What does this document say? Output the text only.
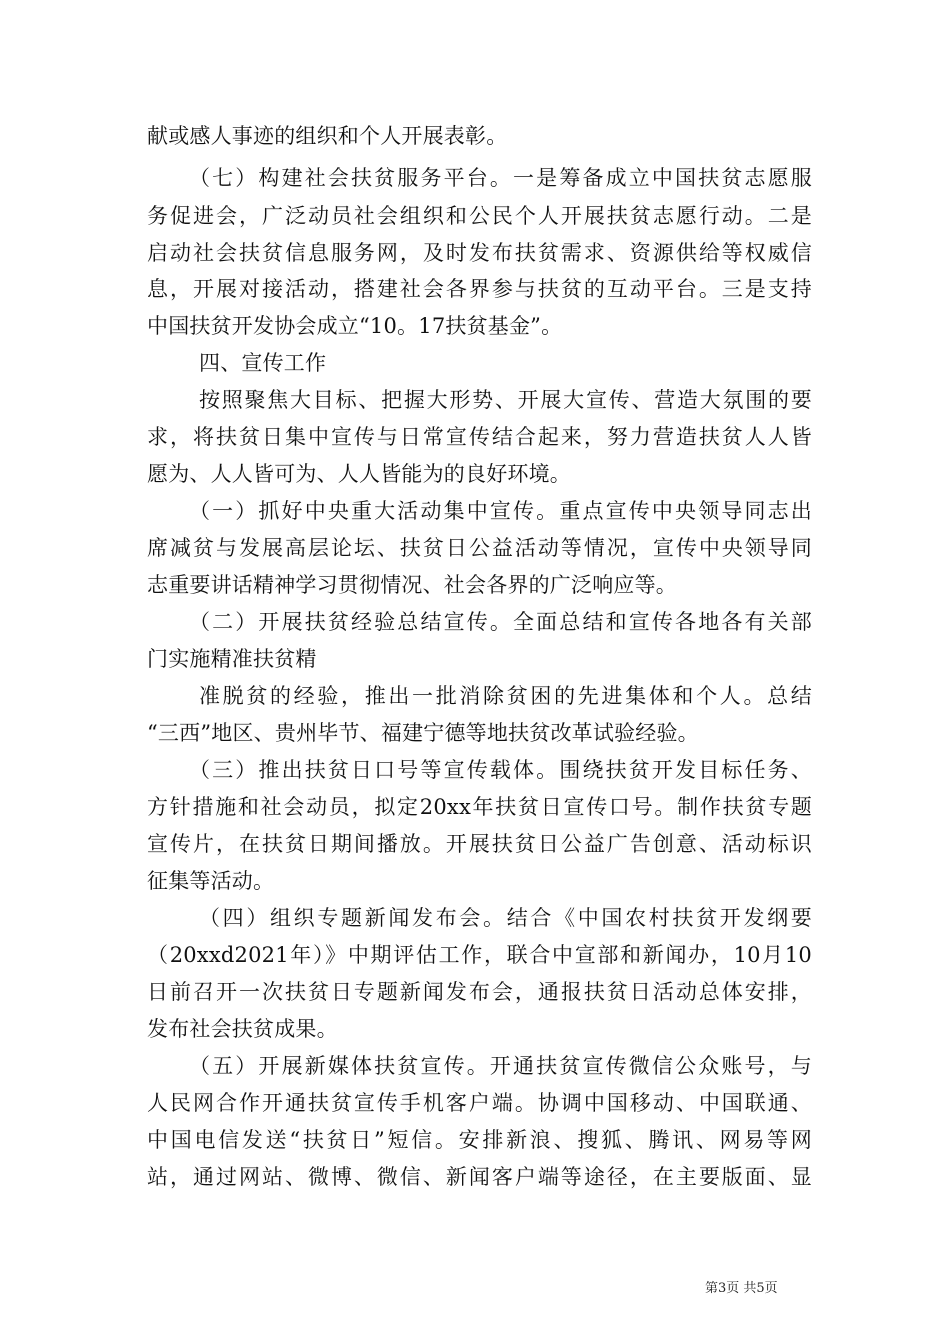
献或感人事迹的组织和个人开展表彰。
（七）构建社会扶贫服务平台。一是筹备成立中国扶贫志愿服
务促进会，广泛动员社会组织和公民个人开展扶贫志愿行动。二是
启动社会扶贫信息服务网，及时发布扶贫需求、资源供给等权威信
息，开展对接活动，搭建社会各界参与扶贫的互动平台。三是支持
中国扶贫开发协会成立“10。17扶贫基金”。
四、宣传工作
按照聚焦大目标、把握大形势、开展大宣传、营造大氛围的要
求，将扶贫日集中宣传与日常宣传结合起来，努力营造扶贫人人皆
愿为、人人皆可为、人人皆能为的良好环境。
（一）抓好中央重大活动集中宣传。重点宣传中央领导同志出
席减贫与发展高层论坛、扶贫日公益活动等情况，宣传中央领导同
志重要讲话精神学习贯彻情况、社会各界的广泛响应等。
（二）开展扶贫经验总结宣传。全面总结和宣传各地各有关部
门实施精准扶贫精
准脱贫的经验，推出一批消除贫困的先进集体和个人。总结
“三西”地区、贵州毕节、福建宁德等地扶贫改革试验经验。
（三）推出扶贫日口号等宣传载体。围绕扶贫开发目标任务、
方针措施和社会动员，拟定20xx年扶贫日宣传口号。制作扶贫专题
宣传片，在扶贫日期间播放。开展扶贫日公益广告创意、活动标识
征集等活动。
（四）组织专题新闻发布会。结合《中国农村扶贫开发纲要
（20xxd2021年）》中期评估工作，联合中宣部和新闻办，10月10
日前召开一次扶贫日专题新闻发布会，通报扶贫日活动总体安排，
发布社会扶贫成果。
（五）开展新媒体扶贫宣传。开通扶贫宣传微信公众账号，与
人民网合作开通扶贫宣传手机客户端。协调中国移动、中国联通、
中国电信发送“扶贫日”短信。安排新浪、搜狐、腾讯、网易等网
站，通过网站、微博、微信、新闻客户端等途径，在主要版面、显
第3页 共5页
